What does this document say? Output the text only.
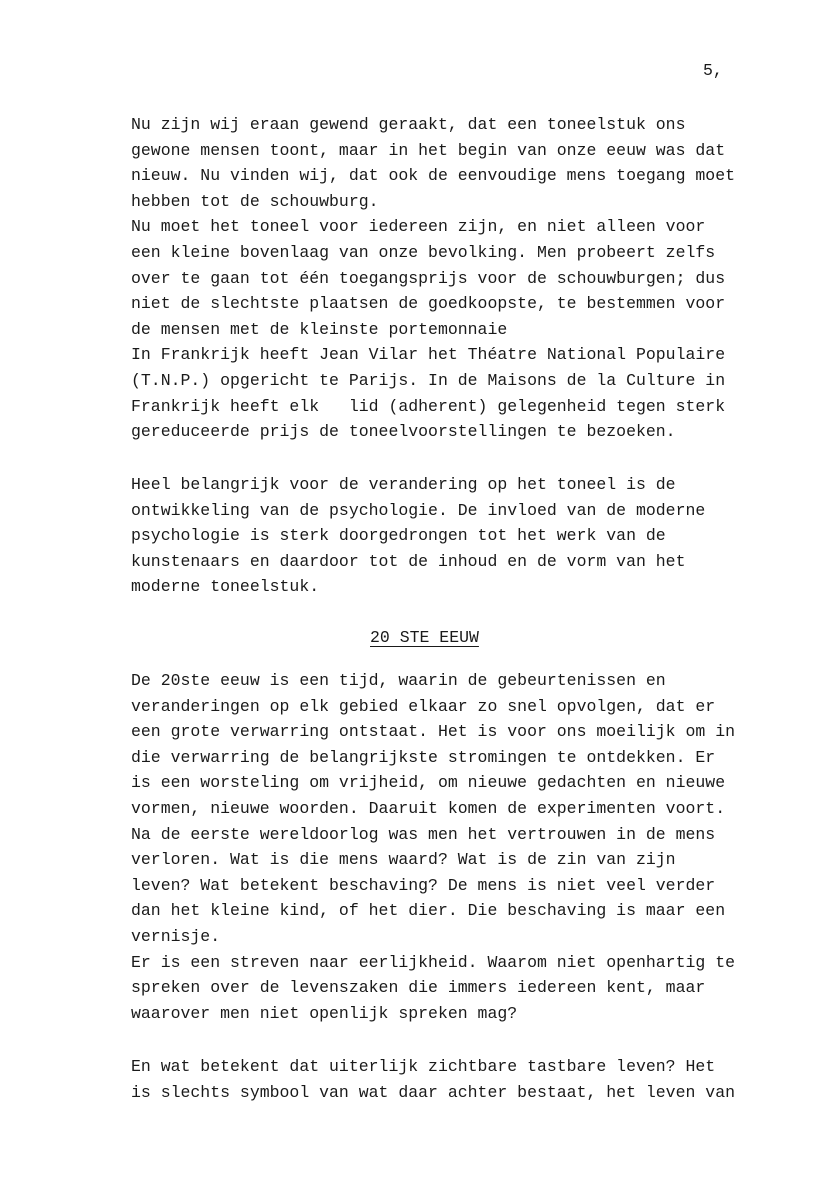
5,
Nu zijn wij eraan gewend geraakt, dat een toneelstuk ons
gewone mensen toont, maar in het begin van onze eeuw was dat
nieuw. Nu vinden wij, dat ook de eenvoudige mens toegang moet
hebben tot de schouwburg.
Nu moet het toneel voor iedereen zijn, en niet alleen voor
een kleine bovenlaag van onze bevolking. Men probeert zelfs
over te gaan tot één toegangsprijs voor de schouwburgen; dus
niet de slechtste plaatsen de goedkoopste, te bestemmen voor
de mensen met de kleinste portemonnaie
In Frankrijk heeft Jean Vilar het Théatre National Populaire
(T.N.P.) opgericht te Parijs. In de Maisons de la Culture in
Frankrijk heeft elk   lid (adherent) gelegenheid tegen sterk
gereduceerde prijs de toneelvoorstellingen te bezoeken.
Heel belangrijk voor de verandering op het toneel is de
ontwikkeling van de psychologie. De invloed van de moderne
psychologie is sterk doorgedrongen tot het werk van de
kunstenaars en daardoor tot de inhoud en de vorm van het
moderne toneelstuk.
20 STE EEUW
De 20ste eeuw is een tijd, waarin de gebeurtenissen en
veranderingen op elk gebied elkaar zo snel opvolgen, dat er
een grote verwarring ontstaat. Het is voor ons moeilijk om in
die verwarring de belangrijkste stromingen te ontdekken. Er
is een worsteling om vrijheid, om nieuwe gedachten en nieuwe
vormen, nieuwe woorden. Daaruit komen de experimenten voort.
Na de eerste wereldoorlog was men het vertrouwen in de mens
verloren. Wat is die mens waard? Wat is de zin van zijn
leven? Wat betekent beschaving? De mens is niet veel verder
dan het kleine kind, of het dier. Die beschaving is maar een
vernisje.
Er is een streven naar eerlijkheid. Waarom niet openhartig te
spreken over de levenszaken die immers iedereen kent, maar
waarover men niet openlijk spreken mag?
En wat betekent dat uiterlijk zichtbare tastbare leven? Het
is slechts symbool van wat daar achter bestaat, het leven van
